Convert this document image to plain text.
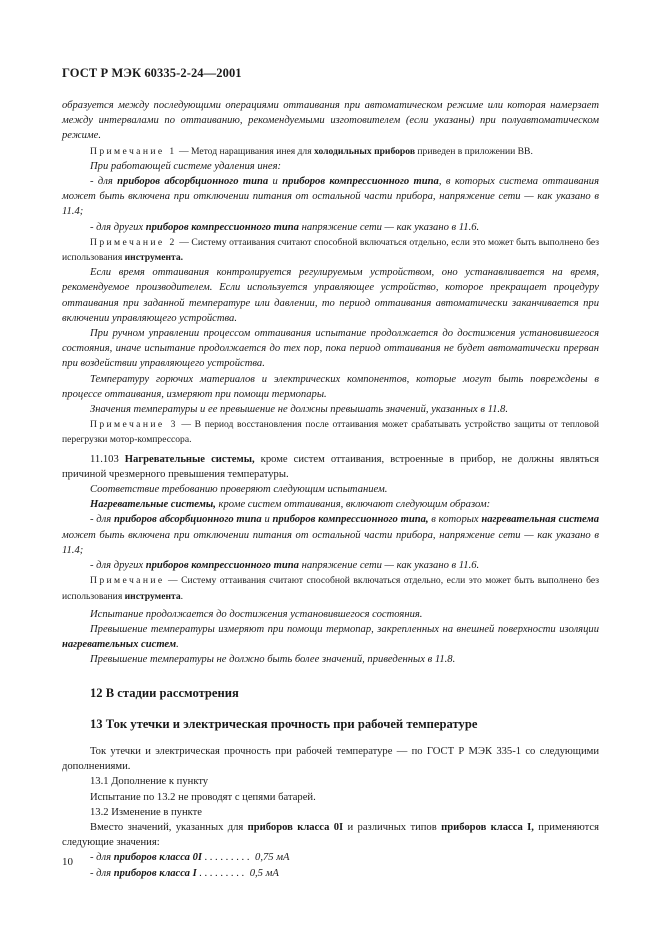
ГОСТ Р МЭК 60335-2-24—2001

образуется между последующими операциями оттаивания при автоматическом режиме или которая намерзает между интервалами по оттаиванию, рекомендуемыми изготовителем (если указаны) при полуавтоматическом режиме.

Примечание 1 — Метод наращивания инея для холодильных приборов приведен в приложении ВВ.

При работающей системе удаления инея:

- для приборов абсорбционного типа и приборов компрессионного типа, в которых система оттаивания может быть включена при отключении питания от остальной части прибора, напряжение сети — как указано в 11.4;

- для других приборов компрессионного типа напряжение сети — как указано в 11.6.

Примечание 2 — Систему оттаивания считают способной включаться отдельно, если это может быть выполнено без использования инструмента.

Если время оттаивания контролируется регулируемым устройством, оно устанавливается на время, рекомендуемое производителем. Если используется управляющее устройство, которое прекращает процедуру оттаивания при заданной температуре или давлении, то период оттаивания автоматически заканчивается при включении управляющего устройства.

При ручном управлении процессом оттаивания испытание продолжается до достижения установившегося состояния, иначе испытание продолжается до тех пор, пока период оттаивания не будет автоматически прерван при воздействии управляющего устройства.

Температуру горючих материалов и электрических компонентов, которые могут быть повреждены в процессе оттаивания, измеряют при помощи термопары.

Значения температуры и ее превышение не должны превышать значений, указанных в 11.8.

Примечание 3 — В период восстановления после оттаивания может срабатывать устройство защиты от тепловой перегрузки мотор-компрессора.

11.103 Нагревательные системы, кроме систем оттаивания, встроенные в прибор, не должны являться причиной чрезмерного превышения температуры.

Соответствие требованию проверяют следующим испытанием.

Нагревательные системы, кроме систем оттаивания, включают следующим образом:

- для приборов абсорбционного типа и приборов компрессионного типа, в которых нагревательная система может быть включена при отключении питания от остальной части прибора, напряжение сети — как указано в 11.4;

- для других приборов компрессионного типа напряжение сети — как указано в 11.6.

Примечание — Систему оттаивания считают способной включаться отдельно, если это может быть выполнено без использования инструмента.

Испытание продолжается до достижения установившегося состояния.

Превышение температуры измеряют при помощи термопар, закрепленных на внешней поверхности изоляции нагревательных систем.

Превышение температуры не должно быть более значений, приведенных в 11.8.

12 В стадии рассмотрения

13 Ток утечки и электрическая прочность при рабочей температуре

Ток утечки и электрическая прочность при рабочей температуре — по ГОСТ Р МЭК 335-1 со следующими дополнениями.

13.1 Дополнение к пункту

Испытание по 13.2 не проводят с цепями батарей.

13.2 Изменение в пункте

Вместо значений, указанных для приборов класса 0I и различных типов приборов класса I, применяются следующие значения:

- для приборов класса 0I . . . . . . . . .  0,75 мА

- для приборов класса I . . . . . . . . .  0,5 мА

10
